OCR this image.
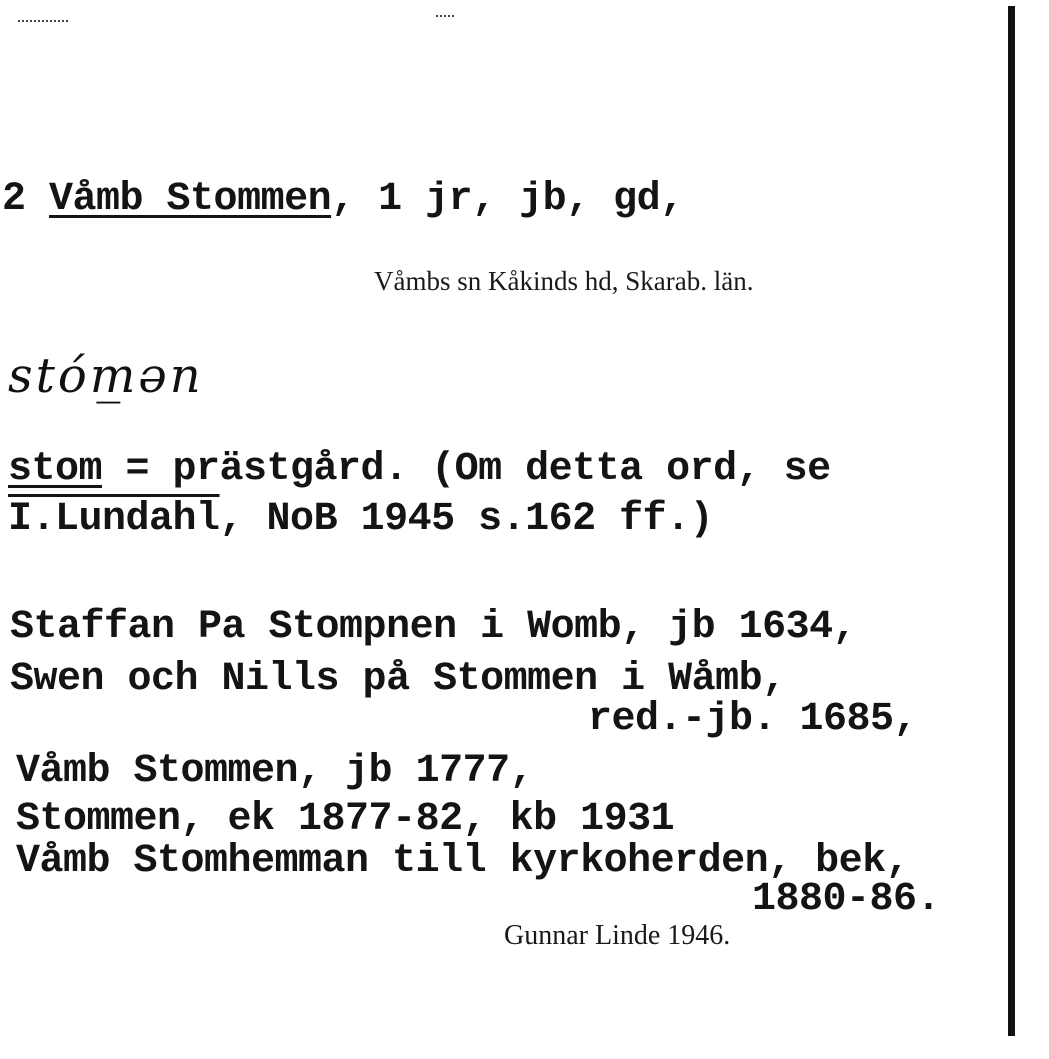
2 Våmb Stommen, 1 jr, jb, gd,
Våmbs sn Kåkinds hd, Skarab. län.
stóm̲ən
stom = prästgård. (Om detta ord, se
I.Lundahl, NoB 1945 s.162 ff.)
Staffan Pa Stompnen i Womb, jb 1634,
Swen och Nills på Stommen i Wåmb,
red.-jb. 1685,
Våmb Stommen, jb 1777,
Stommen, ek 1877-82, kb 1931
Våmb Stomhemman till kyrkoherden, bek,
1880-86.
Gunnar Linde 1946.
